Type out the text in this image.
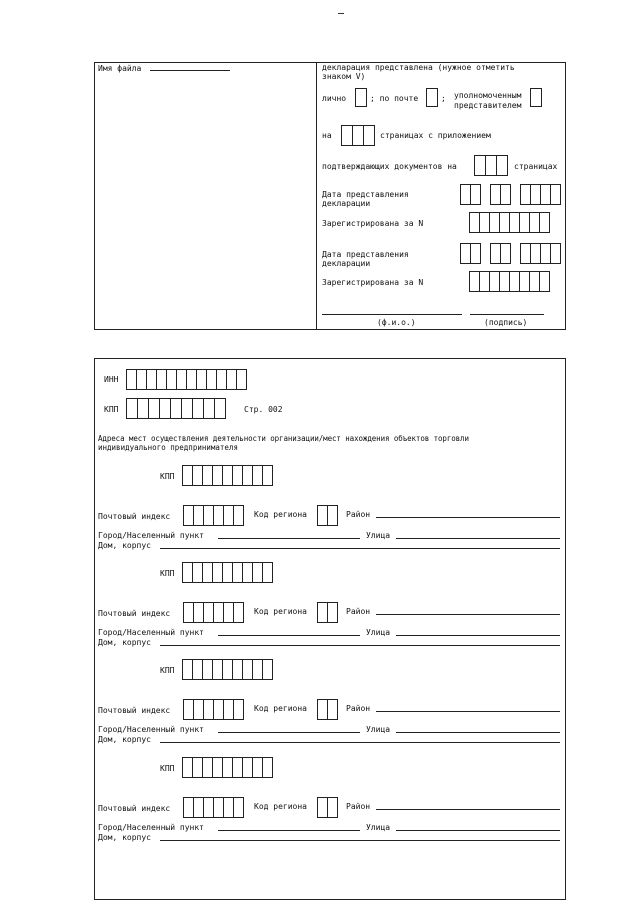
Имя файла	декларация представлена (нужное отметить
знаком V)
лично	; по почте	; уполномоченным
представителем
на	страницах с приложением
подтверждающих документов на	страницах
Дата представления
декларации
Зарегистрирована за N
Дата представления
декларации
Зарегистрирована за N
(ф.и.о.)	(подпись)
ИНН
КПП	Стр. 002
Адреса мест осуществления деятельности организации/мест нахождения объектов торговли
индивидуального предпринимателя
КПП
Почтовый индекс	Код региона	Район
Город/Населенный пункт	Улица
Дом, корпус
КПП
Почтовый индекс	Код региона	Район
Город/Населенный пункт	Улица
Дом, корпус
КПП
Почтовый индекс	Код региона	Район
Город/Населенный пункт	Улица
Дом, корпус
КПП
Почтовый индекс	Код региона	Район
Город/Населенный пункт	Улица
Дом, корпус
